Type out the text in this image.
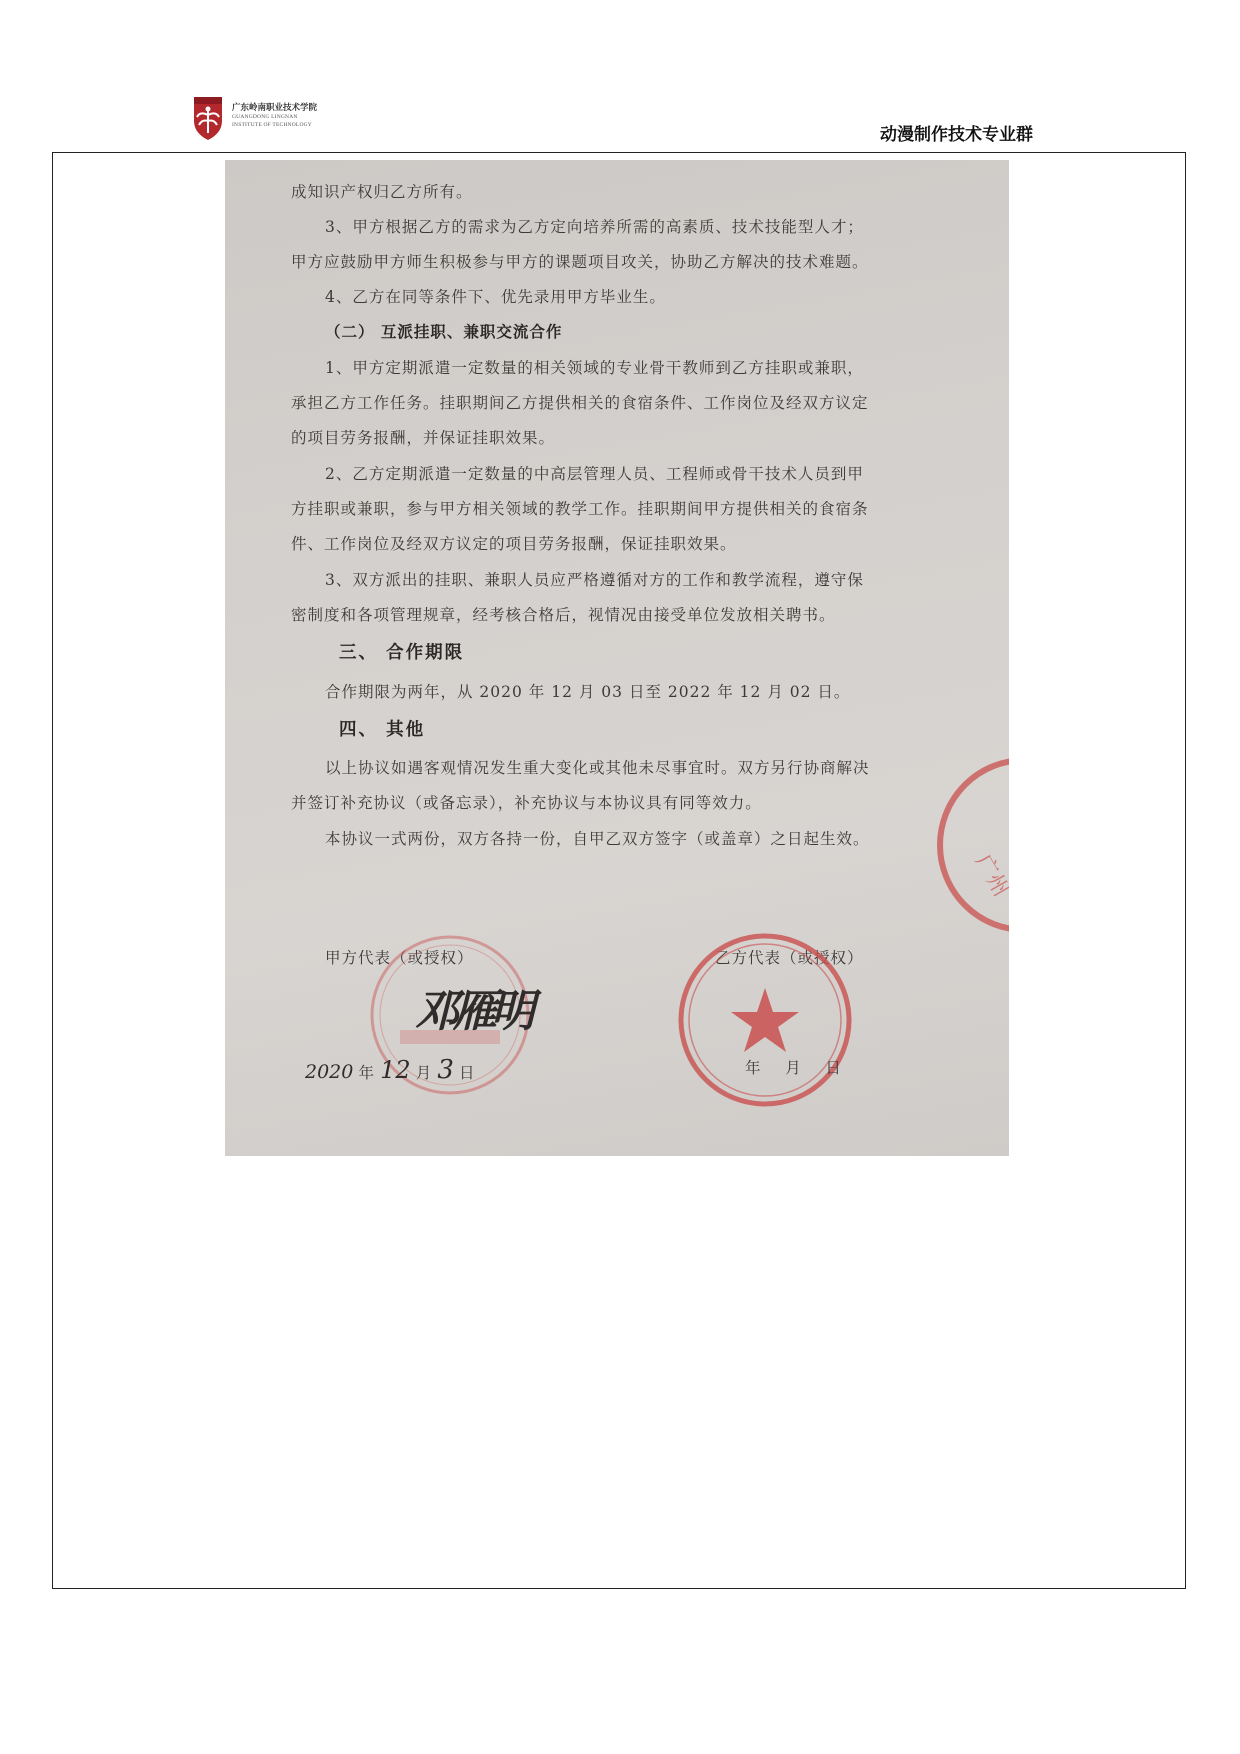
广东岭南职业技术学院
GUANGDONG LINGNAN
INSTITUTE OF TECHNOLOGY	动漫制作技术专业群
成知识产权归乙方所有。
3、甲方根据乙方的需求为乙方定向培养所需的高素质、技术技能型人才；
甲方应鼓励甲方师生积极参与甲方的课题项目攻关，协助乙方解决的技术难题。
4、乙方在同等条件下、优先录用甲方毕业生。
（二） 互派挂职、兼职交流合作
1、甲方定期派遣一定数量的相关领域的专业骨干教师到乙方挂职或兼职，
承担乙方工作任务。挂职期间乙方提供相关的食宿条件、工作岗位及经双方议定
的项目劳务报酬，并保证挂职效果。
2、乙方定期派遣一定数量的中高层管理人员、工程师或骨干技术人员到甲
方挂职或兼职，参与甲方相关领域的教学工作。挂职期间甲方提供相关的食宿条
件、工作岗位及经双方议定的项目劳务报酬，保证挂职效果。
3、双方派出的挂职、兼职人员应严格遵循对方的工作和教学流程，遵守保
密制度和各项管理规章，经考核合格后，视情况由接受单位发放相关聘书。
三、 合作期限
合作期限为两年，从 2020 年 12 月 03 日至 2022 年 12 月 02 日。
四、 其他
以上协议如遇客观情况发生重大变化或其他未尽事宜时。双方另行协商解决
并签订补充协议（或备忘录），补充协议与本协议具有同等效力。
本协议一式两份，双方各持一份，自甲乙双方签字（或盖章）之日起生效。
广州
甲方代表（或授权）	乙方代表（或授权）
邓雁明
2020 年 12 月 3 日	年    月    日
